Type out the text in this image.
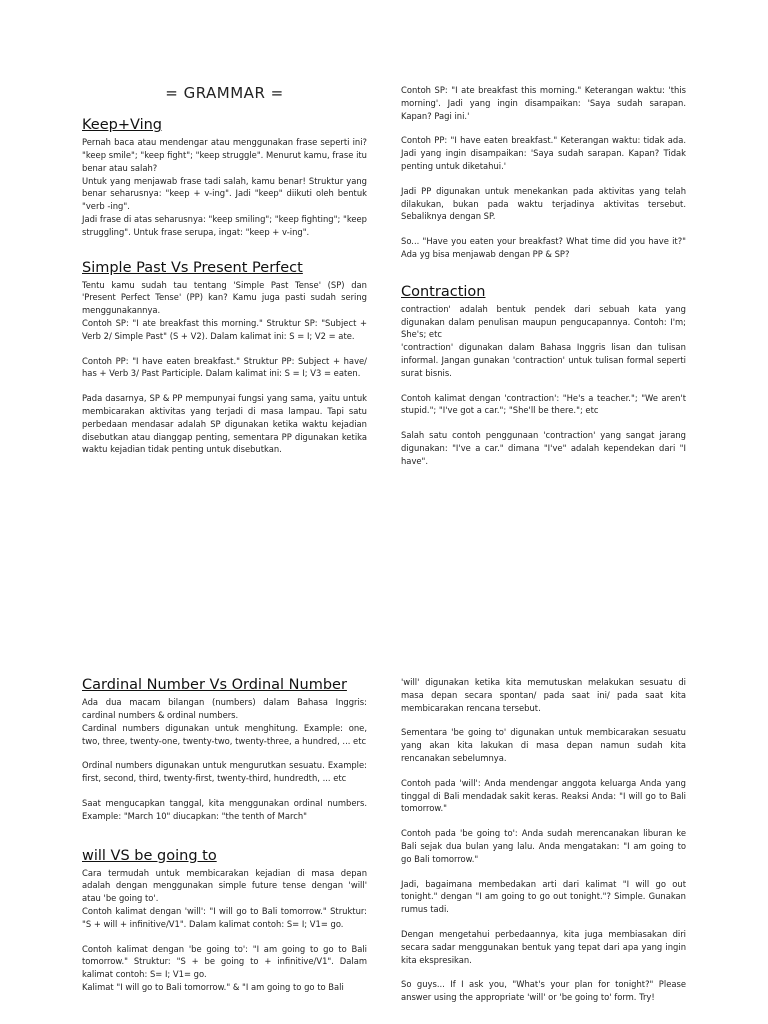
= GRAMMAR =
Keep+Ving

Pernah baca atau mendengar atau menggunakan frase seperti ini? "keep smile"; "keep fight"; "keep struggle". Menurut kamu, frase itu benar atau salah?

Untuk yang menjawab frase tadi salah, kamu benar! Struktur yang benar seharusnya: "keep + v-ing". Jadi "keep" diikuti oleh bentuk "verb -ing".

Jadi frase di atas seharusnya: "keep smiling"; "keep fighting"; "keep struggling". Untuk frase serupa, ingat: "keep + v-ing".

Simple Past Vs Present Perfect

Tentu kamu sudah tau tentang 'Simple Past Tense' (SP) dan 'Present Perfect Tense' (PP) kan? Kamu juga pasti sudah sering menggunakannya.

Contoh SP: "I ate breakfast this morning." Struktur SP: "Subject + Verb 2/ Simple Past" (S + V2). Dalam kalimat ini: S = I; V2 = ate.

Contoh PP: "I have eaten breakfast." Struktur PP: Subject + have/ has + Verb 3/ Past Participle. Dalam kalimat ini: S = I; V3 = eaten.

Pada dasarnya, SP & PP mempunyai fungsi yang sama, yaitu untuk membicarakan aktivitas yang terjadi di masa lampau. Tapi satu perbedaan mendasar adalah SP digunakan ketika waktu kejadian disebutkan atau dianggap penting, sementara PP digunakan ketika waktu kejadian tidak penting untuk disebutkan.

Contoh SP: "I ate breakfast this morning." Keterangan waktu: 'this morning'. Jadi yang ingin disampaikan: 'Saya sudah sarapan. Kapan? Pagi ini.'

Contoh PP: "I have eaten breakfast." Keterangan waktu: tidak ada. Jadi yang ingin disampaikan: 'Saya sudah sarapan. Kapan? Tidak penting untuk diketahui.'

Jadi PP digunakan untuk menekankan pada aktivitas yang telah dilakukan, bukan pada waktu terjadinya aktivitas tersebut. Sebaliknya dengan SP.

So... "Have you eaten your breakfast? What time did you have it?" Ada yg bisa menjawab dengan PP & SP?

Contraction

contraction' adalah bentuk pendek dari sebuah kata yang digunakan dalam penulisan maupun pengucapannya. Contoh: I'm; She's; etc

'contraction' digunakan dalam Bahasa Inggris lisan dan tulisan informal. Jangan gunakan 'contraction' untuk tulisan formal seperti surat bisnis.

Contoh kalimat dengan 'contraction': "He's a teacher."; "We aren't stupid."; "I've got a car."; "She'll be there."; etc

Salah satu contoh penggunaan 'contraction' yang sangat jarang digunakan: "I've a car." dimana "I've" adalah kependekan dari "I have".

Cardinal Number Vs Ordinal Number

Ada dua macam bilangan (numbers) dalam Bahasa Inggris: cardinal numbers & ordinal numbers.

Cardinal numbers digunakan untuk menghitung. Example: one, two, three, twenty-one, twenty-two, twenty-three, a hundred, ... etc

Ordinal numbers digunakan untuk mengurutkan sesuatu. Example: first, second, third, twenty-first, twenty-third, hundredth, ... etc

Saat mengucapkan tanggal, kita menggunakan ordinal numbers. Example: "March 10" diucapkan: "the tenth of March"

will VS be going to

Cara termudah untuk membicarakan kejadian di masa depan adalah dengan menggunakan simple future tense dengan 'will' atau 'be going to'.

Contoh kalimat dengan 'will': "I will go to Bali tomorrow." Struktur: "S + will + infinitive/V1". Dalam kalimat contoh: S= I; V1= go.

Contoh kalimat dengan 'be going to': "I am going to go to Bali tomorrow." Struktur: "S + be going to + infinitive/V1". Dalam kalimat contoh: S= I; V1= go.

Kalimat "I will go to Bali tomorrow." & "I am going to go to Bali

'will' digunakan ketika kita memutuskan melakukan sesuatu di masa depan secara spontan/ pada saat ini/ pada saat kita membicarakan rencana tersebut.

Sementara 'be going to' digunakan untuk membicarakan sesuatu yang akan kita lakukan di masa depan namun sudah kita rencanakan sebelumnya.

Contoh pada 'will': Anda mendengar anggota keluarga Anda yang tinggal di Bali mendadak sakit keras. Reaksi Anda: "I will go to Bali tomorrow."

Contoh pada 'be going to': Anda sudah merencanakan liburan ke Bali sejak dua bulan yang lalu. Anda mengatakan: "I am going to go Bali tomorrow."

Jadi, bagaimana membedakan arti dari kalimat "I will go out tonight." dengan "I am going to go out tonight."? Simple. Gunakan rumus tadi.

Dengan mengetahui perbedaannya, kita juga membiasakan diri secara sadar menggunakan bentuk yang tepat dari apa yang ingin kita ekspresikan.

So guys... If I ask you, "What's your plan for tonight?" Please answer using the appropriate 'will' or 'be going to' form. Try!
